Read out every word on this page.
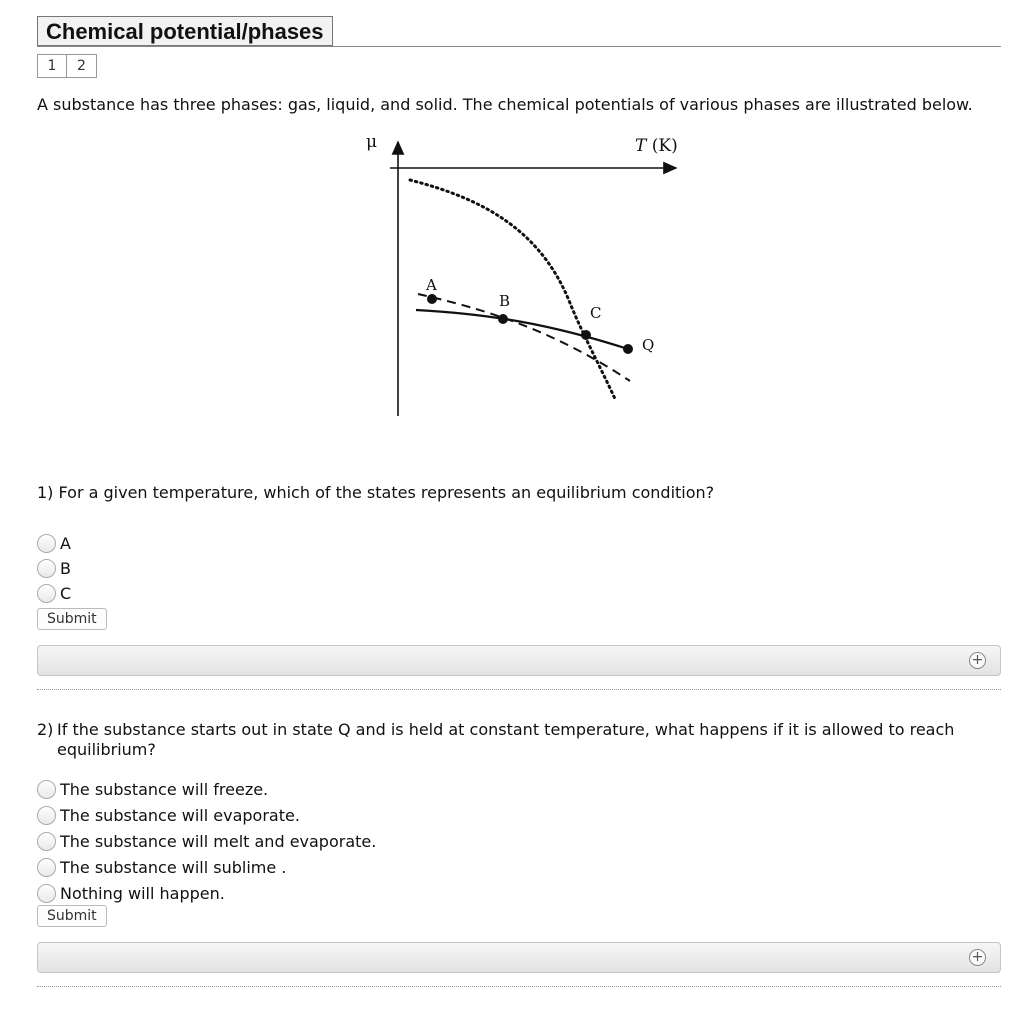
Chemical potential/phases
1	2
A substance has three phases: gas, liquid, and solid. The chemical potentials of various phases are illustrated below.
μ	T (K)
A
B
C
Q
1) For a given temperature, which of the states represents an equilibrium condition?
A
B
C
Submit
+
2) If the substance starts out in state Q and is held at constant temperature, what happens if it is allowed to reach equilibrium?
The substance will freeze.
The substance will evaporate.
The substance will melt and evaporate.
The substance will sublime .
Nothing will happen.
Submit
+
